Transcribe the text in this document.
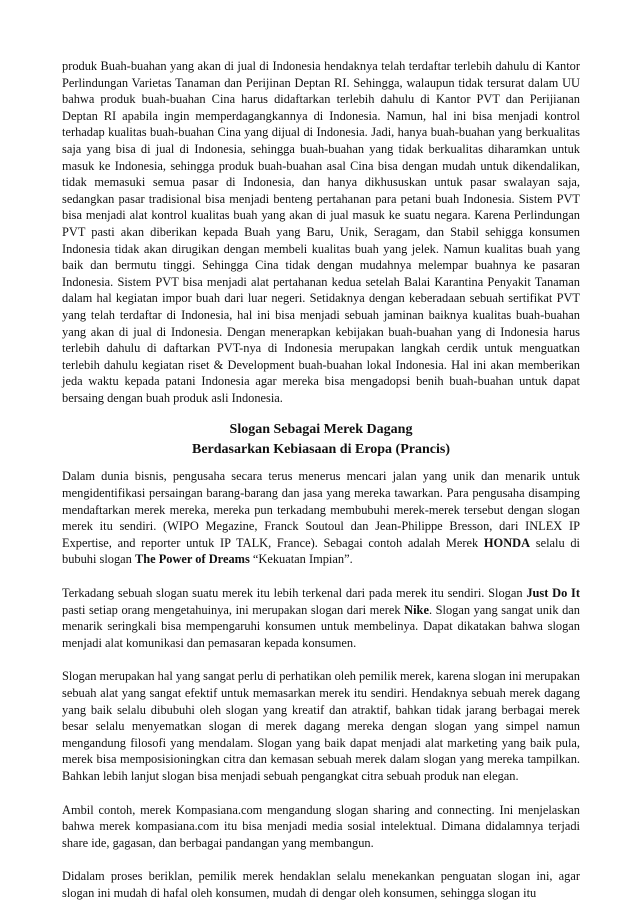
produk Buah-buahan yang akan di jual di Indonesia hendaknya telah terdaftar terlebih dahulu di Kantor Perlindungan Varietas Tanaman dan Perijinan Deptan RI. Sehingga, walaupun tidak tersurat dalam UU bahwa produk buah-buahan Cina harus didaftarkan terlebih dahulu di Kantor PVT dan Perijianan Deptan RI apabila ingin memperdagangkannya di Indonesia. Namun, hal ini bisa menjadi kontrol terhadap kualitas buah-buahan Cina yang dijual di Indonesia. Jadi, hanya buah-buahan yang berkualitas saja yang bisa di jual di Indonesia, sehingga buah-buahan yang tidak berkualitas diharamkan untuk masuk ke Indonesia, sehingga produk buah-buahan asal Cina bisa dengan mudah untuk dikendalikan, tidak memasuki semua pasar di Indonesia, dan hanya dikhususkan untuk pasar swalayan saja, sedangkan pasar tradisional bisa menjadi benteng pertahanan para petani buah Indonesia. Sistem PVT bisa menjadi alat kontrol kualitas buah yang akan di jual masuk ke suatu negara. Karena Perlindungan PVT pasti akan diberikan kepada Buah yang Baru, Unik, Seragam, dan Stabil sehigga konsumen Indonesia tidak akan dirugikan dengan membeli kualitas buah yang jelek. Namun kualitas buah yang baik dan bermutu tinggi. Sehingga Cina tidak dengan mudahnya melempar buahnya ke pasaran Indonesia. Sistem PVT bisa menjadi alat pertahanan kedua setelah Balai Karantina Penyakit Tanaman dalam hal kegiatan impor buah dari luar negeri. Setidaknya dengan keberadaan sebuah sertifikat PVT yang telah terdaftar di Indonesia, hal ini bisa menjadi sebuah jaminan baiknya kualitas buah-buahan yang akan di jual di Indonesia. Dengan menerapkan kebijakan buah-buahan yang di Indonesia harus terlebih dahulu di daftarkan PVT-nya di Indonesia merupakan langkah cerdik untuk menguatkan terlebih dahulu kegiatan riset & Development buah-buahan lokal Indonesia. Hal ini akan memberikan jeda waktu kepada patani Indonesia agar mereka bisa mengadopsi benih buah-buahan untuk dapat bersaing dengan buah produk asli Indonesia.

Slogan Sebagai Merek Dagang
Berdasarkan Kebiasaan di Eropa (Prancis)

Dalam dunia bisnis, pengusaha secara terus menerus mencari jalan yang unik dan menarik untuk mengidentifikasi persaingan barang-barang dan jasa yang mereka tawarkan. Para pengusaha disamping mendaftarkan merek mereka, mereka pun terkadang membubuhi merek-merek tersebut dengan slogan merek itu sendiri. (WIPO Megazine, Franck Soutoul dan Jean-Philippe Bresson, dari INLEX IP Expertise, and reporter untuk IP TALK, France). Sebagai contoh adalah Merek HONDA selalu di bubuhi slogan The Power of Dreams “Kekuatan Impian”.

Terkadang sebuah slogan suatu merek itu lebih terkenal dari pada merek itu sendiri. Slogan Just Do It pasti setiap orang mengetahuinya, ini merupakan slogan dari merek Nike. Slogan yang sangat unik dan menarik seringkali bisa mempengaruhi konsumen untuk membelinya. Dapat dikatakan bahwa slogan menjadi alat komunikasi dan pemasaran kepada konsumen.

Slogan merupakan hal yang sangat perlu di perhatikan oleh pemilik merek, karena slogan ini merupakan sebuah alat yang sangat efektif untuk memasarkan merek itu sendiri. Hendaknya sebuah merek dagang yang baik selalu dibubuhi oleh slogan yang kreatif dan atraktif, bahkan tidak jarang berbagai merek besar selalu menyematkan slogan di merek dagang mereka dengan slogan yang simpel namun mengandung filosofi yang mendalam. Slogan yang baik dapat menjadi alat marketing yang baik pula, merek bisa memposisioningkan citra dan kemasan sebuah merek dalam slogan yang mereka tampilkan. Bahkan lebih lanjut slogan bisa menjadi sebuah pengangkat citra sebuah produk nan elegan.

Ambil contoh, merek Kompasiana.com mengandung slogan sharing and connecting. Ini menjelaskan bahwa merek kompasiana.com itu bisa menjadi media sosial intelektual. Dimana didalamnya terjadi share ide, gagasan, dan berbagai pandangan yang membangun.

Didalam proses beriklan, pemilik merek hendaklan selalu menekankan penguatan slogan ini, agar slogan ini mudah di hafal oleh konsumen, mudah di dengar oleh konsumen, sehingga slogan itu
